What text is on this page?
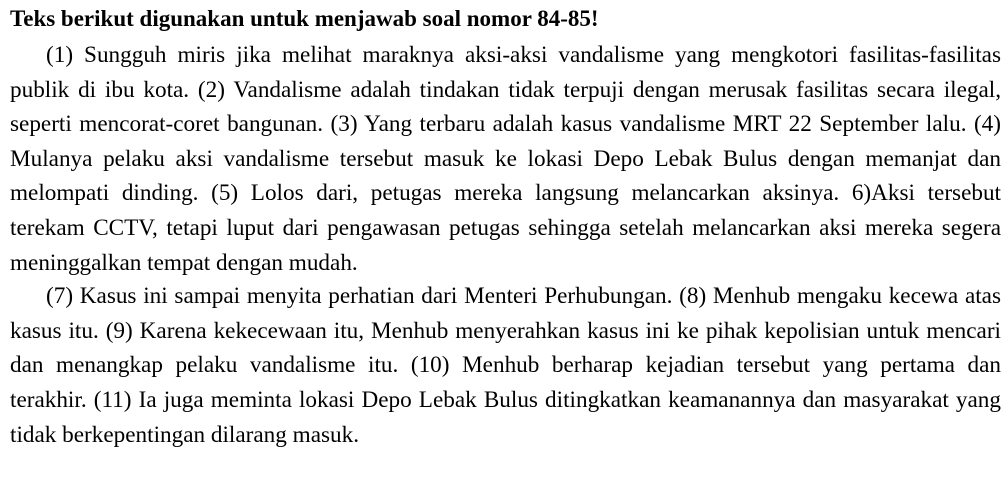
Teks berikut digunakan untuk menjawab soal nomor 84-85!

(1) Sungguh miris jika melihat maraknya aksi-aksi vandalisme yang mengkotori fasilitas-fasilitas publik di ibu kota. (2) Vandalisme adalah tindakan tidak terpuji dengan merusak fasilitas secara ilegal, seperti mencorat-coret bangunan. (3) Yang terbaru adalah kasus vandalisme MRT 22 September lalu. (4) Mulanya pelaku aksi vandalisme tersebut masuk ke lokasi Depo Lebak Bulus dengan memanjat dan melompati dinding. (5) Lolos dari, petugas mereka langsung melancarkan aksinya. 6)Aksi tersebut terekam CCTV, tetapi luput dari pengawasan petugas sehingga setelah melancarkan aksi mereka segera meninggalkan tempat dengan mudah.

(7) Kasus ini sampai menyita perhatian dari Menteri Perhubungan. (8) Menhub mengaku kecewa atas kasus itu. (9) Karena kekecewaan itu, Menhub menyerahkan kasus ini ke pihak kepolisian untuk mencari dan menangkap pelaku vandalisme itu. (10) Menhub berharap kejadian tersebut yang pertama dan terakhir. (11) Ia juga meminta lokasi Depo Lebak Bulus ditingkatkan keamanannya dan masyarakat yang tidak berkepentingan dilarang masuk.
